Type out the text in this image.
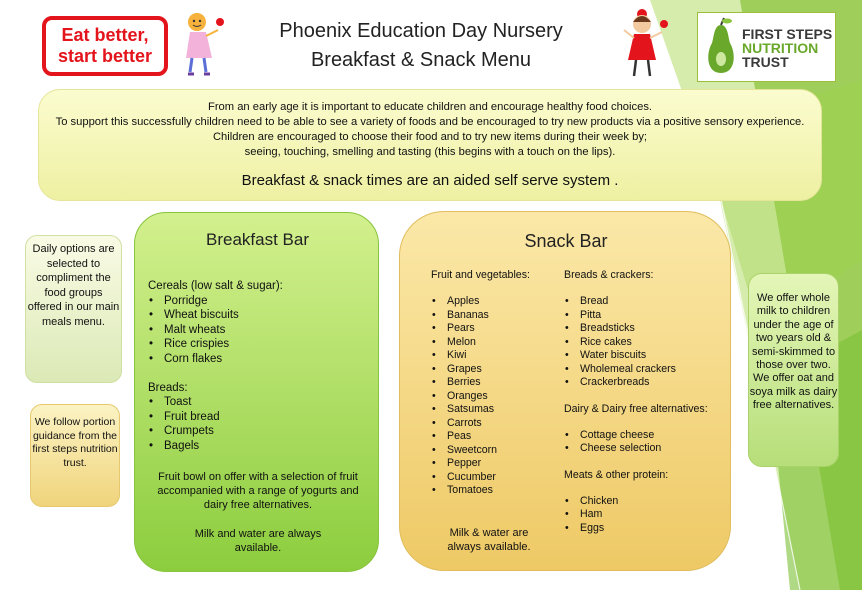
Eat better,
start better
Phoenix Education Day Nursery
Breakfast & Snack Menu
FIRST STEPS
NUTRITION
TRUST
From an early age it is important to educate children and encourage healthy food choices.
To support this successfully children need to be able to see a variety of foods and be encouraged to try new products via a positive sensory experience.
Children are encouraged to choose their food and to try new items during their week by;
seeing, touching, smelling and tasting (this begins with a touch on the lips).
Breakfast & snack times are an aided self serve system .
Daily options are selected to compliment the food groups offered in our main meals menu.
We follow portion guidance from the first steps nutrition trust.
Breakfast Bar
Cereals (low salt & sugar):
• Porridge
• Wheat biscuits
• Malt wheats
• Rice crispies
• Corn flakes
Breads:
• Toast
• Fruit bread
• Crumpets
• Bagels
Fruit bowl on offer with a selection of fruit accompanied with a range of yogurts and dairy free alternatives.
Milk and water are always available.
Snack Bar
Fruit and vegetables:
• Apples
• Bananas
• Pears
• Melon
• Kiwi
• Grapes
• Berries
• Oranges
• Satsumas
• Carrots
• Peas
• Sweetcorn
• Pepper
• Cucumber
• Tomatoes
Breads & crackers:
• Bread
• Pitta
• Breadsticks
• Rice cakes
• Water biscuits
• Wholemeal crackers
• Crackerbreads
Dairy & Dairy free alternatives:
• Cottage cheese
• Cheese selection
Meats & other protein:
• Chicken
• Ham
• Eggs
Milk & water are always available.
We offer whole milk to children under the age of two years old & semi-skimmed to those over two. We offer oat and soya milk as dairy free alternatives.
